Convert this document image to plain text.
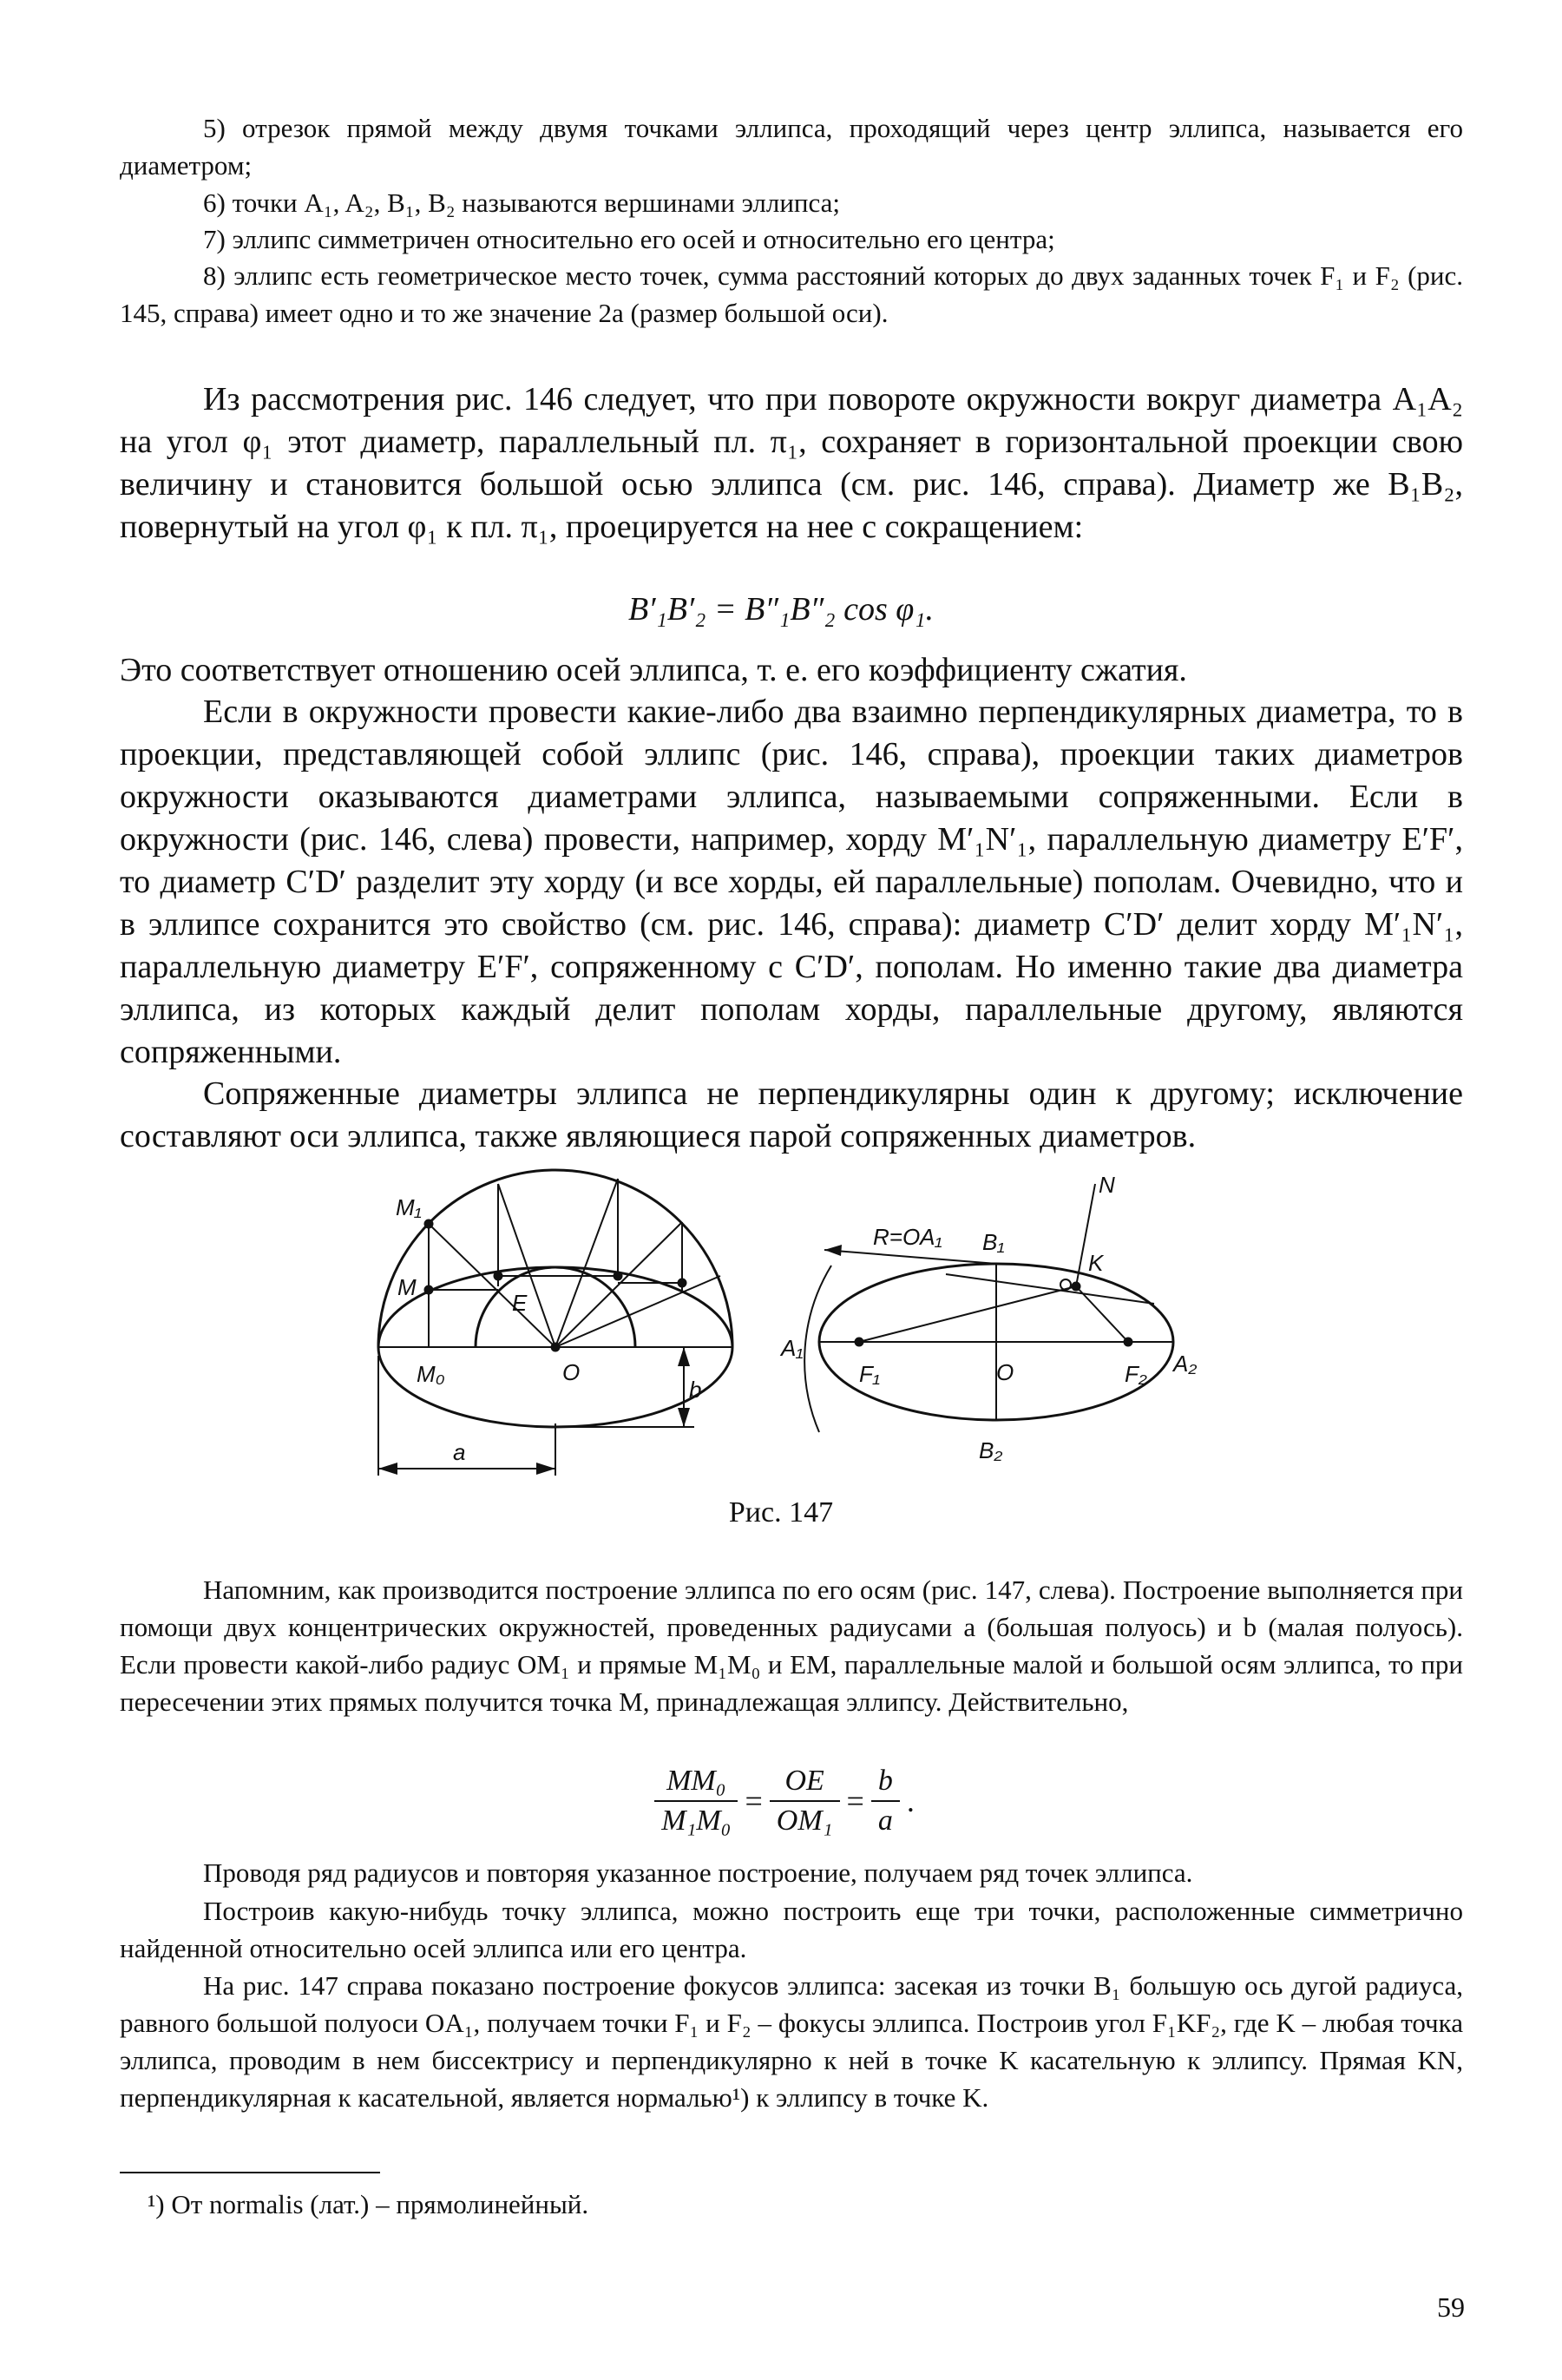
5) отрезок прямой между двумя точками эллипса, проходящий через центр эллипса, называется его диаметром;

6) точки A₁, A₂, B₁, B₂ называются вершинами эллипса;

7) эллипс симметричен относительно его осей и относительно его центра;

8) эллипс есть геометрическое место точек, сумма расстояний которых до двух заданных точек F₁ и F₂ (рис. 145, справа) имеет одно и то же значение 2a (размер большой оси).

Из рассмотрения рис. 146 следует, что при повороте окружности вокруг диаметра A₁A₂ на угол φ₁ этот диаметр, параллельный пл. π₁, сохраняет в горизонтальной проекции свою величину и становится большой осью эллипса (см. рис. 146, справа). Диаметр же B₁B₂, повернутый на угол φ₁ к пл. π₁, проецируется на нее с сокращением:

B′₁B′₂ = B″₁B″₂ cos φ₁.

Это соответствует отношению осей эллипса, т. е. его коэффициенту сжатия.

Если в окружности провести какие-либо два взаимно перпендикулярных диаметра, то в проекции, представляющей собой эллипс (рис. 146, справа), проекции таких диаметров окружности оказываются диаметрами эллипса, называемыми сопряженными. Если в окружности (рис. 146, слева) провести, например, хорду M′₁N′₁, параллельную диаметру E′F′, то диаметр C′D′ разделит эту хорду (и все хорды, ей параллельные) пополам. Очевидно, что и в эллипсе сохранится это свойство (см. рис. 146, справа): диаметр C′D′ делит хорду M′₁N′₁, параллельную диаметру E′F′, сопряженному с C′D′, пополам. Но именно такие два диаметра эллипса, из которых каждый делит пополам хорды, параллельные другому, являются сопряженными.

Сопряженные диаметры эллипса не перпендикулярны один к другому; исключение составляют оси эллипса, также являющиеся парой сопряженных диаметров.

M₁
M
E
M₀	O
b
a
N
R=OA₁ B₁
K
A₁
F₁	O	F₂ A₂
B₂
Рис. 147

Напомним, как производится построение эллипса по его осям (рис. 147, слева). Построение выполняется при помощи двух концентрических окружностей, проведенных радиусами a (большая полуось) и b (малая полуось). Если провести какой-либо радиус OM₁ и прямые M₁M₀ и EM, параллельные малой и большой осям эллипса, то при пересечении этих прямых получится точка M, принадлежащая эллипсу. Действительно,

$\frac{\text{MM₀}}{\text{M₁M₀}} = \frac{OE}{\text{OM₁}} = \frac{b}{a}$ .

Проводя ряд радиусов и повторяя указанное построение, получаем ряд точек эллипса.

Построив какую-нибудь точку эллипса, можно построить еще три точки, расположенные симметрично найденной относительно осей эллипса или его центра.

На рис. 147 справа показано построение фокусов эллипса: засекая из точки B₁ большую ось дугой радиуса, равного большой полуоси OA₁, получаем точки F₁ и F₂ – фокусы эллипса. Построив угол F₁KF₂, где K – любая точка эллипса, проводим в нем биссектрису и перпендикулярно к ней в точке K касательную к эллипсу. Прямая KN, перпендикулярная к касательной, является нормалью¹) к эллипсу в точке K.

¹) От normalis (лат.) – прямолинейный.
59
